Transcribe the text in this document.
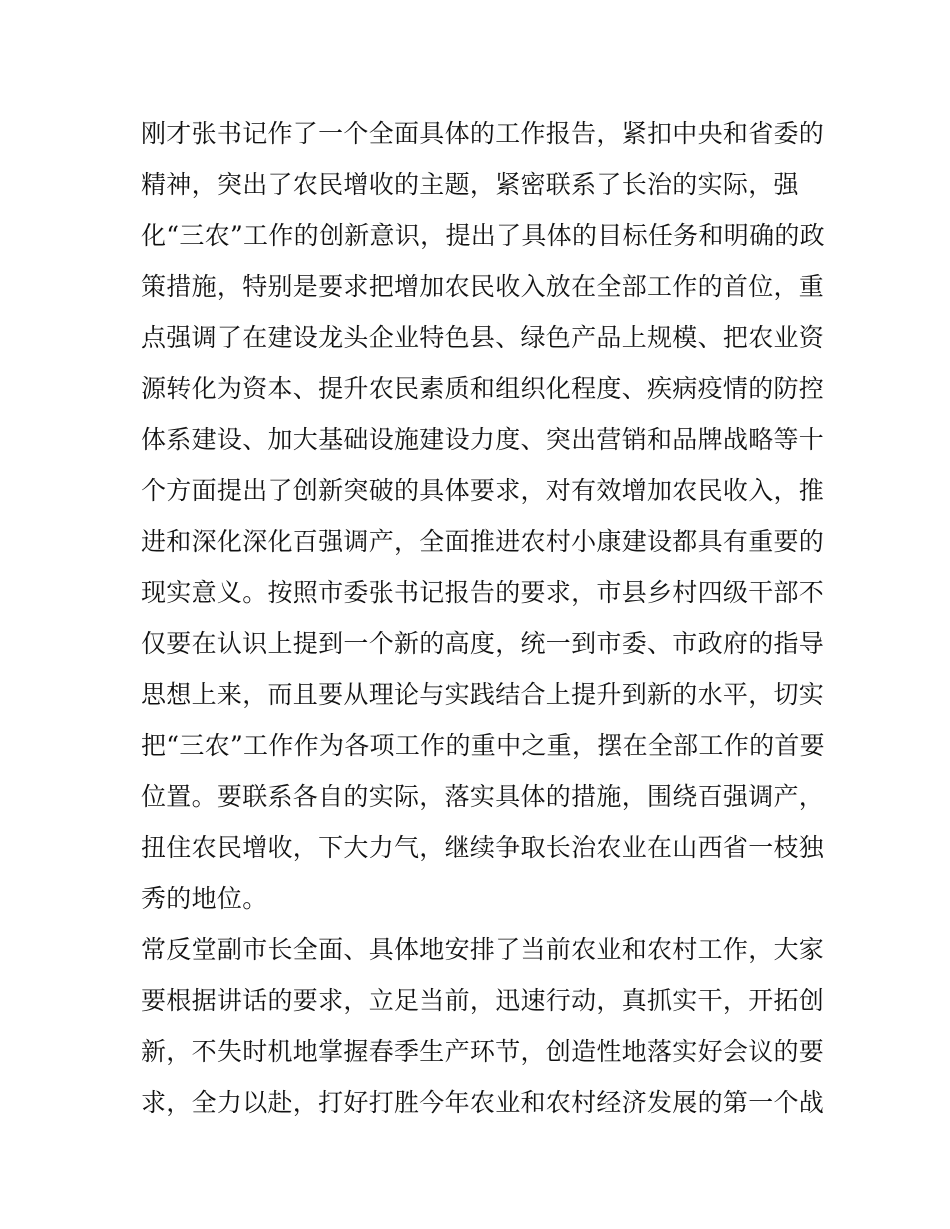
刚才张书记作了一个全面具体的工作报告，紧扣中央和省委的
精神，突出了农民增收的主题，紧密联系了长治的实际，强
化“三农”工作的创新意识，提出了具体的目标任务和明确的政
策措施，特别是要求把增加农民收入放在全部工作的首位，重
点强调了在建设龙头企业特色县、绿色产品上规模、把农业资
源转化为资本、提升农民素质和组织化程度、疾病疫情的防控
体系建设、加大基础设施建设力度、突出营销和品牌战略等十
个方面提出了创新突破的具体要求，对有效增加农民收入，推
进和深化深化百强调产，全面推进农村小康建设都具有重要的
现实意义。按照市委张书记报告的要求，市县乡村四级干部不
仅要在认识上提到一个新的高度，统一到市委、市政府的指导
思想上来，而且要从理论与实践结合上提升到新的水平，切实
把“三农”工作作为各项工作的重中之重，摆在全部工作的首要
位置。要联系各自的实际，落实具体的措施，围绕百强调产，
扭住农民增收，下大力气，继续争取长治农业在山西省一枝独
秀的地位。
常反堂副市长全面、具体地安排了当前农业和农村工作，大家
要根据讲话的要求，立足当前，迅速行动，真抓实干，开拓创
新，不失时机地掌握春季生产环节，创造性地落实好会议的要
求，全力以赴，打好打胜今年农业和农村经济发展的第一个战
